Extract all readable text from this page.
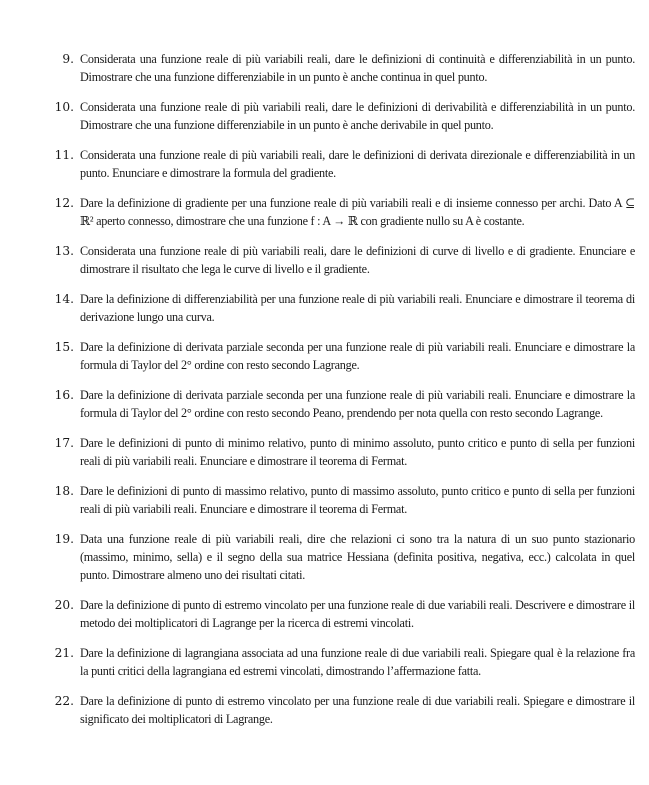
9. Considerata una funzione reale di più variabili reali, dare le definizioni di continuità e differenziabilità in un punto. Dimostrare che una funzione differenziabile in un punto è anche continua in quel punto.
10. Considerata una funzione reale di più variabili reali, dare le definizioni di derivabilità e differenziabilità in un punto. Dimostrare che una funzione differenziabile in un punto è anche derivabile in quel punto.
11. Considerata una funzione reale di più variabili reali, dare le definizioni di derivata direzionale e differenziabilità in un punto. Enunciare e dimostrare la formula del gradiente.
12. Dare la definizione di gradiente per una funzione reale di più variabili reali e di insieme connesso per archi. Dato A ⊆ ℝ² aperto connesso, dimostrare che una funzione f : A → ℝ con gradiente nullo su A è costante.
13. Considerata una funzione reale di più variabili reali, dare le definizioni di curve di livello e di gradiente. Enunciare e dimostrare il risultato che lega le curve di livello e il gradiente.
14. Dare la definizione di differenziabilità per una funzione reale di più variabili reali. Enunciare e dimostrare il teorema di derivazione lungo una curva.
15. Dare la definizione di derivata parziale seconda per una funzione reale di più variabili reali. Enunciare e dimostrare la formula di Taylor del 2° ordine con resto secondo Lagrange.
16. Dare la definizione di derivata parziale seconda per una funzione reale di più variabili reali. Enunciare e dimostrare la formula di Taylor del 2° ordine con resto secondo Peano, prendendo per nota quella con resto secondo Lagrange.
17. Dare le definizioni di punto di minimo relativo, punto di minimo assoluto, punto critico e punto di sella per funzioni reali di più variabili reali. Enunciare e dimostrare il teorema di Fermat.
18. Dare le definizioni di punto di massimo relativo, punto di massimo assoluto, punto critico e punto di sella per funzioni reali di più variabili reali. Enunciare e dimostrare il teorema di Fermat.
19. Data una funzione reale di più variabili reali, dire che relazioni ci sono tra la natura di un suo punto stazionario (massimo, minimo, sella) e il segno della sua matrice Hessiana (definita positiva, negativa, ecc.) calcolata in quel punto. Dimostrare almeno uno dei risultati citati.
20. Dare la definizione di punto di estremo vincolato per una funzione reale di due variabili reali. Descrivere e dimostrare il metodo dei moltiplicatori di Lagrange per la ricerca di estremi vincolati.
21. Dare la definizione di lagrangiana associata ad una funzione reale di due variabili reali. Spiegare qual è la relazione fra la punti critici della lagrangiana ed estremi vincolati, dimostrando l’affermazione fatta.
22. Dare la definizione di punto di estremo vincolato per una funzione reale di due variabili reali. Spiegare e dimostrare il significato dei moltiplicatori di Lagrange.
